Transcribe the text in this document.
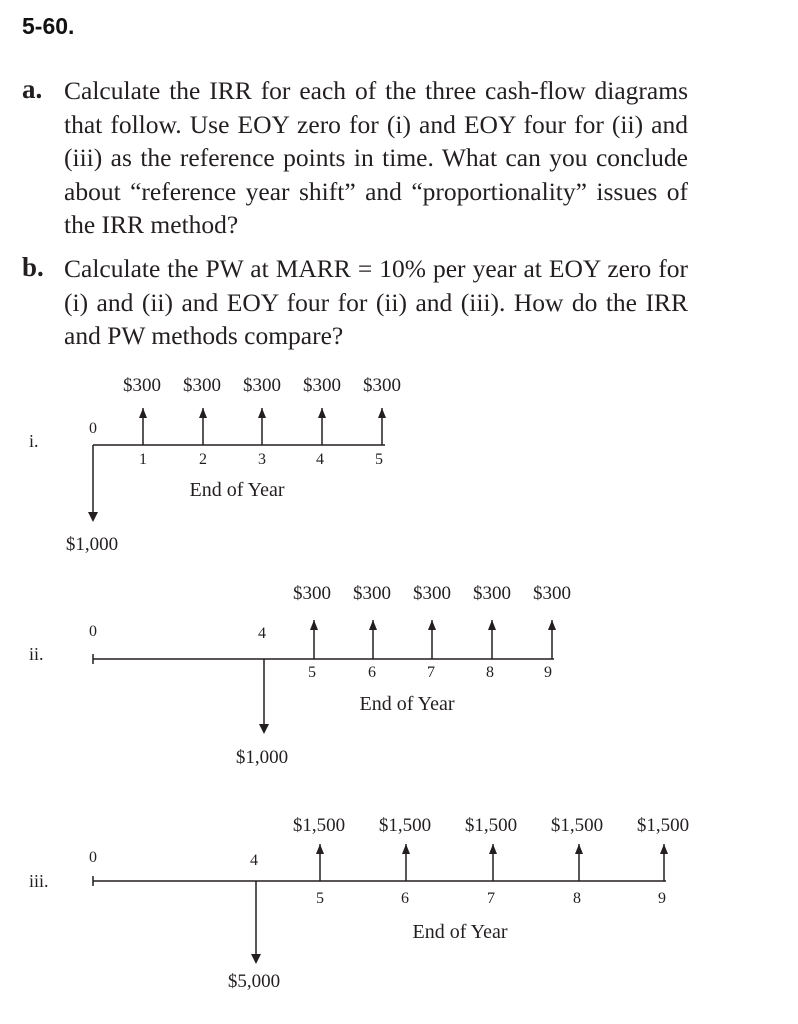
5-60.
a. Calculate the IRR for each of the three cash-flow diagrams that follow. Use EOY zero for (i) and EOY four for (ii) and (iii) as the reference points in time. What can you conclude about “reference year shift” and “proportionality” issues of the IRR method?
b. Calculate the PW at MARR = 10% per year at EOY zero for (i) and (ii) and EOY four for (ii) and (iii). How do the IRR and PW methods compare?
i.
0
1	2	3	4	5
End of Year
$1,000
$300 $300 $300 $300 $300
ii.
0	4
5	6	7	8	9
End of Year
$1,000
$300 $300 $300 $300 $300
iii.
0	4
5	6	7	8	9
End of Year
$5,000
$1,500 $1,500 $1,500 $1,500 $1,500
